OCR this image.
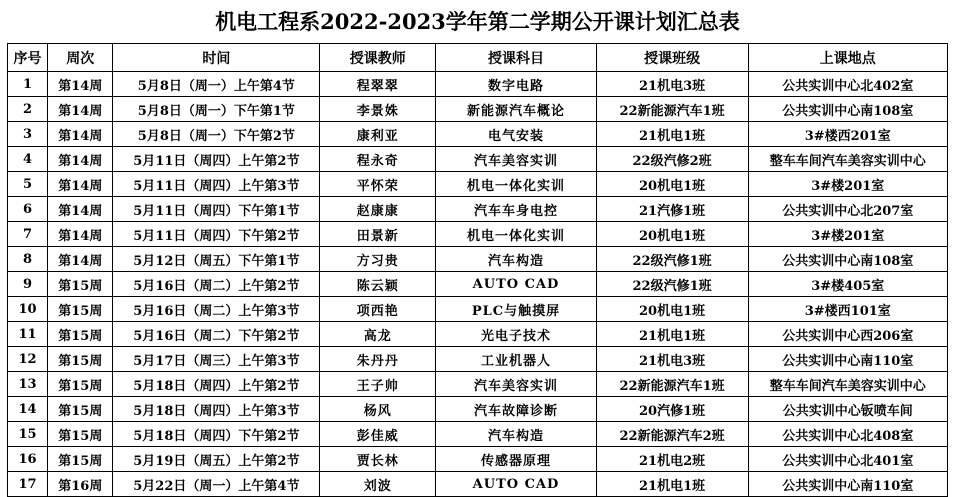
机电工程系2022-2023学年第二学期公开课计划汇总表
序号	周次	时间	授课教师	授课科目	授课班级	上课地点
1	第14周	5月8日（周一）上午第4节	程翠翠	数字电路	21机电3班	公共实训中心北402室
2	第14周	5月8日（周一）下午第1节	李景姝	新能源汽车概论	22新能源汽车1班	公共实训中心南108室
3	第14周	5月8日（周一）下午第2节	康利亚	电气安装	21机电1班	3#楼西201室
4	第14周	5月11日（周四）上午第2节	程永奇	汽车美容实训	22级汽修2班	整车车间汽车美容实训中心
5	第14周	5月11日（周四）上午第3节	平怀荣	机电一体化实训	20机电1班	3#楼201室
6	第14周	5月11日（周四）下午第1节	赵康康	汽车车身电控	21汽修1班	公共实训中心北207室
7	第14周	5月11日（周四）下午第2节	田景新	机电一体化实训	20机电1班	3#楼201室
8	第14周	5月12日（周五）下午第1节	方习贵	汽车构造	22级汽修1班	公共实训中心南108室
9	第15周	5月16日（周二）上午第2节	陈云颖	AUTO CAD	22级汽修1班	3#楼405室
10	第15周	5月16日（周二）上午第3节	项西艳	PLC与触摸屏	20机电1班	3#楼西101室
11	第15周	5月16日（周二）下午第2节	高龙	光电子技术	21机电1班	公共实训中心西206室
12	第15周	5月17日（周三）上午第3节	朱丹丹	工业机器人	21机电3班	公共实训中心南110室
13	第15周	5月18日（周四）上午第2节	王子帅	汽车美容实训	22新能源汽车1班	整车车间汽车美容实训中心
14	第15周	5月18日（周四）上午第3节	杨风	汽车故障诊断	20汽修1班	公共实训中心钣喷车间
15	第15周	5月18日（周四）下午第2节	彭佳威	汽车构造	22新能源汽车2班	公共实训中心北408室
16	第15周	5月19日（周五）上午第2节	贾长林	传感器原理	21机电2班	公共实训中心北401室
17	第16周	5月22日（周一）上午第4节	刘波	AUTO CAD	21机电1班	公共实训中心南110室
